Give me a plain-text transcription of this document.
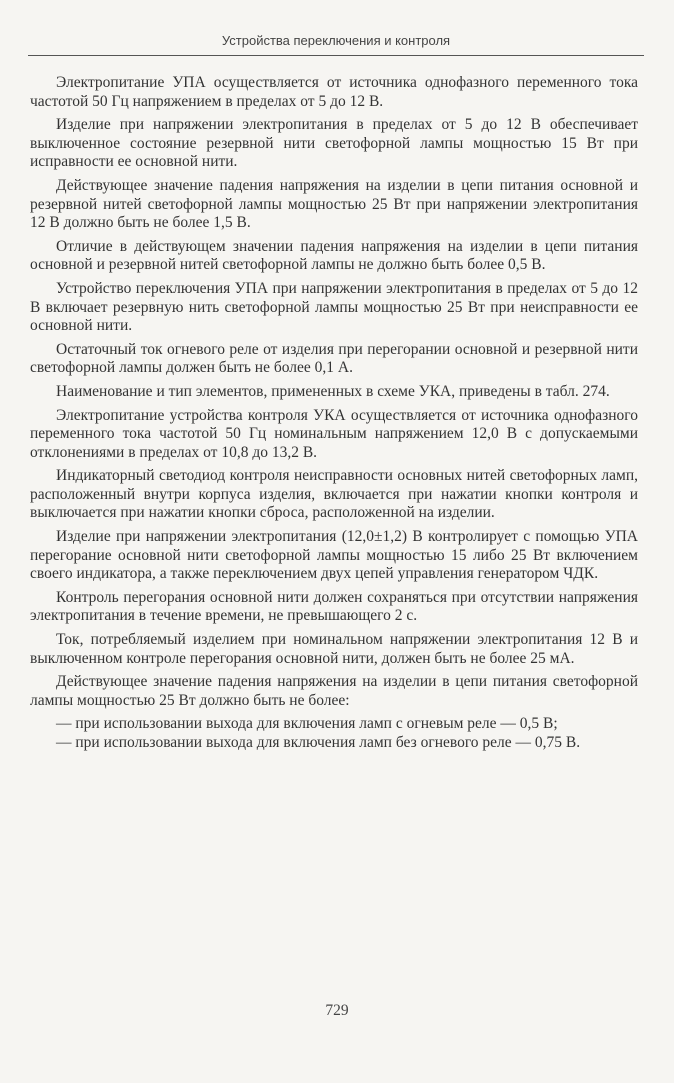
Устройства переключения и контроля

Электропитание УПА осуществляется от источника однофазного переменного тока частотой 50 Гц напряжением в пределах от 5 до 12 В.

Изделие при напряжении электропитания в пределах от 5 до 12 В обеспечивает выключенное состояние резервной нити светофорной лампы мощностью 15 Вт при исправности ее основной нити.

Действующее значение падения напряжения на изделии в цепи питания основной и резервной нитей светофорной лампы мощностью 25 Вт при напряжении электропитания 12 В должно быть не более 1,5 В.

Отличие в действующем значении падения напряжения на изделии в цепи питания основной и резервной нитей светофорной лампы не должно быть более 0,5 В.

Устройство переключения УПА при напряжении электропитания в пределах от 5 до 12 В включает резервную нить светофорной лампы мощностью 25 Вт при неисправности ее основной нити.

Остаточный ток огневого реле от изделия при перегорании основной и резервной нити светофорной лампы должен быть не более 0,1 А.

Наименование и тип элементов, примененных в схеме УКА, приведены в табл. 274.

Электропитание устройства контроля УКА осуществляется от источника однофазного переменного тока частотой 50 Гц номинальным напряжением 12,0 В с допускаемыми отклонениями в пределах от 10,8 до 13,2 В.

Индикаторный светодиод контроля неисправности основных нитей светофорных ламп, расположенный внутри корпуса изделия, включается при нажатии кнопки контроля и выключается при нажатии кнопки сброса, расположенной на изделии.

Изделие при напряжении электропитания (12,0±1,2) В контролирует с помощью УПА перегорание основной нити светофорной лампы мощностью 15 либо 25 Вт включением своего индикатора, а также переключением двух цепей управления генератором ЧДК.

Контроль перегорания основной нити должен сохраняться при отсутствии напряжения электропитания в течение времени, не превышающего 2 с.

Ток, потребляемый изделием при номинальном напряжении электропитания 12 В и выключенном контроле перегорания основной нити, должен быть не более 25 мА.

Действующее значение падения напряжения на изделии в цепи питания светофорной лампы мощностью 25 Вт должно быть не более:

— при использовании выхода для включения ламп с огневым реле — 0,5 В;

— при использовании выхода для включения ламп без огневого реле — 0,75 В.

729
